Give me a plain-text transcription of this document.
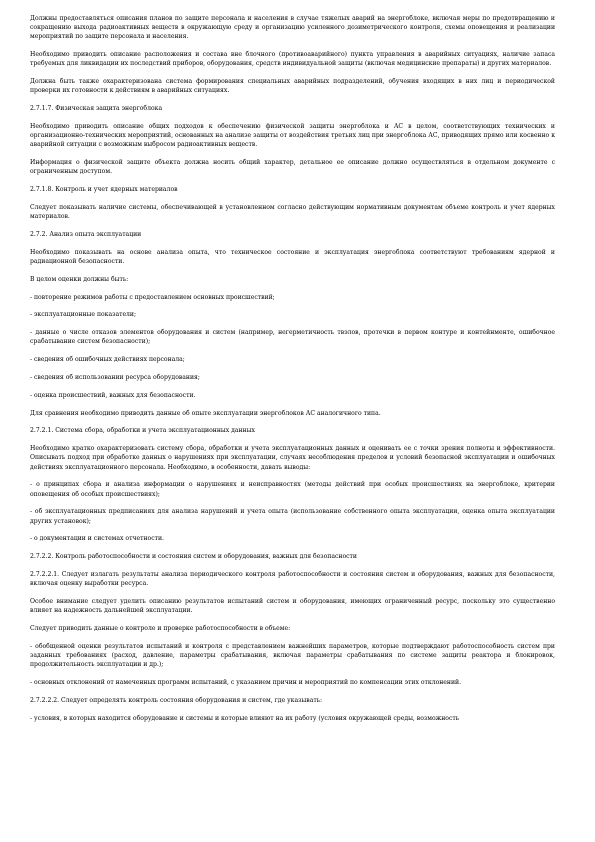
Должны предоставляться описания планов по защите персонала и населения в случае тяжелых аварий на энергоблоке, включая меры по предотвращению и сокращению выхода радиоактивных веществ в окружающую среду и организацию усиленного дозиметрического контроля, схемы оповещения и реализации мероприятий по защите персонала и населения.

Необходимо приводить описание расположения и состава вне блочного (противоаварийного) пункта управления в аварийных ситуациях, наличие запаса требуемых для ликвидации их последствий приборов, оборудования, средств индивидуальной защиты (включая медицинские препараты) и других материалов.

Должна быть также охарактеризована система формирования специальных аварийных подразделений, обучения входящих в них лиц и периодической проверки их готовности к действиям в аварийных ситуациях.

2.7.1.7. Физическая защита энергоблока

Необходимо приводить описание общих подходов к обеспечению физической защиты энергоблока и АС в целом, соответствующих технических и организационно-технических мероприятий, основанных на анализе защиты от воздействия третьих лиц при энергоблока АС, приводящих прямо или косвенно к аварийной ситуации с возможным выбросом радиоактивных веществ.

Информация о физической защите объекта должна носить общий характер, детальное ее описание должно осуществляться в отдельном документе с ограниченным доступом.

2.7.1.8. Контроль и учет ядерных материалов

Следует показывать наличие системы, обеспечивающей в установленном согласно действующим нормативным документам объеме контроль и учет ядерных материалов.

2.7.2. Анализ опыта эксплуатации

Необходимо показывать на основе анализа опыта, что техническое состояние и эксплуатация энергоблока соответствуют требованиям ядерной и радиационной безопасности.

В целом оценки должны быть:

- повторение режимов работы с предоставлением основных происшествий;

- эксплуатационные показатели;

- данные о числе отказов элементов оборудования и систем (например, негерметичность твэлов, протечки в первом контуре и контейнменте, ошибочное срабатывание систем безопасности);

- сведения об ошибочных действиях персонала;

- сведения об использовании ресурса оборудования;

- оценка происшествий, важных для безопасности.

Для сравнения необходимо приводить данные об опыте эксплуатации энергоблоков АС аналогичного типа.

2.7.2.1. Система сбора, обработки и учета эксплуатационных данных

Необходимо кратко охарактеризовать систему сбора, обработки и учета эксплуатационных данных и оценивать ее с точки зрения полноты и эффективности. Описывать подход при обработке данных о нарушениях при эксплуатации, случаях несоблюдения пределов и условий безопасной эксплуатации и ошибочных действиях эксплуатационного персонала. Необходимо, в особенности, давать выводы:

- о принципах сбора и анализа информации о нарушениях и неисправностях (методы действий при особых происшествиях на энергоблоке, критерии оповещения об особых происшествиях);

- об эксплуатационных предписаниях для анализа нарушений и учета опыта (использование собственного опыта эксплуатации, оценка опыта эксплуатации других установок);

- о документации и системах отчетности.

2.7.2.2. Контроль работоспособности и состояния систем и оборудования, важных для безопасности

2.7.2.2.1. Следует излагать результаты анализа периодического контроля работоспособности и состояния систем и оборудования, важных для безопасности, включая оценку выработки ресурса.

Особое внимание следует уделить описанию результатов испытаний систем и оборудования, имеющих ограниченный ресурс, поскольку это существенно влияет на надежность дальнейшей эксплуатации.

Следует приводить данные о контроле и проверке работоспособности в объеме:

- обобщенной оценки результатов испытаний и контроля с представлением важнейших параметров, которые подтверждают работоспособность систем при заданных требованиях (расход, давление, параметры срабатывания, включая параметры срабатывания по системе защиты реактора и блокировок, продолжительность эксплуатации и др.);

- основных отклонений от намеченных программ испытаний, с указанием причин и мероприятий по компенсации этих отклонений.

2.7.2.2.2. Следует определять контроль состояния оборудования и систем, где указывать:

- условия, в которых находится оборудование и системы и которые влияют на их работу (условия окружающей среды, возможность
